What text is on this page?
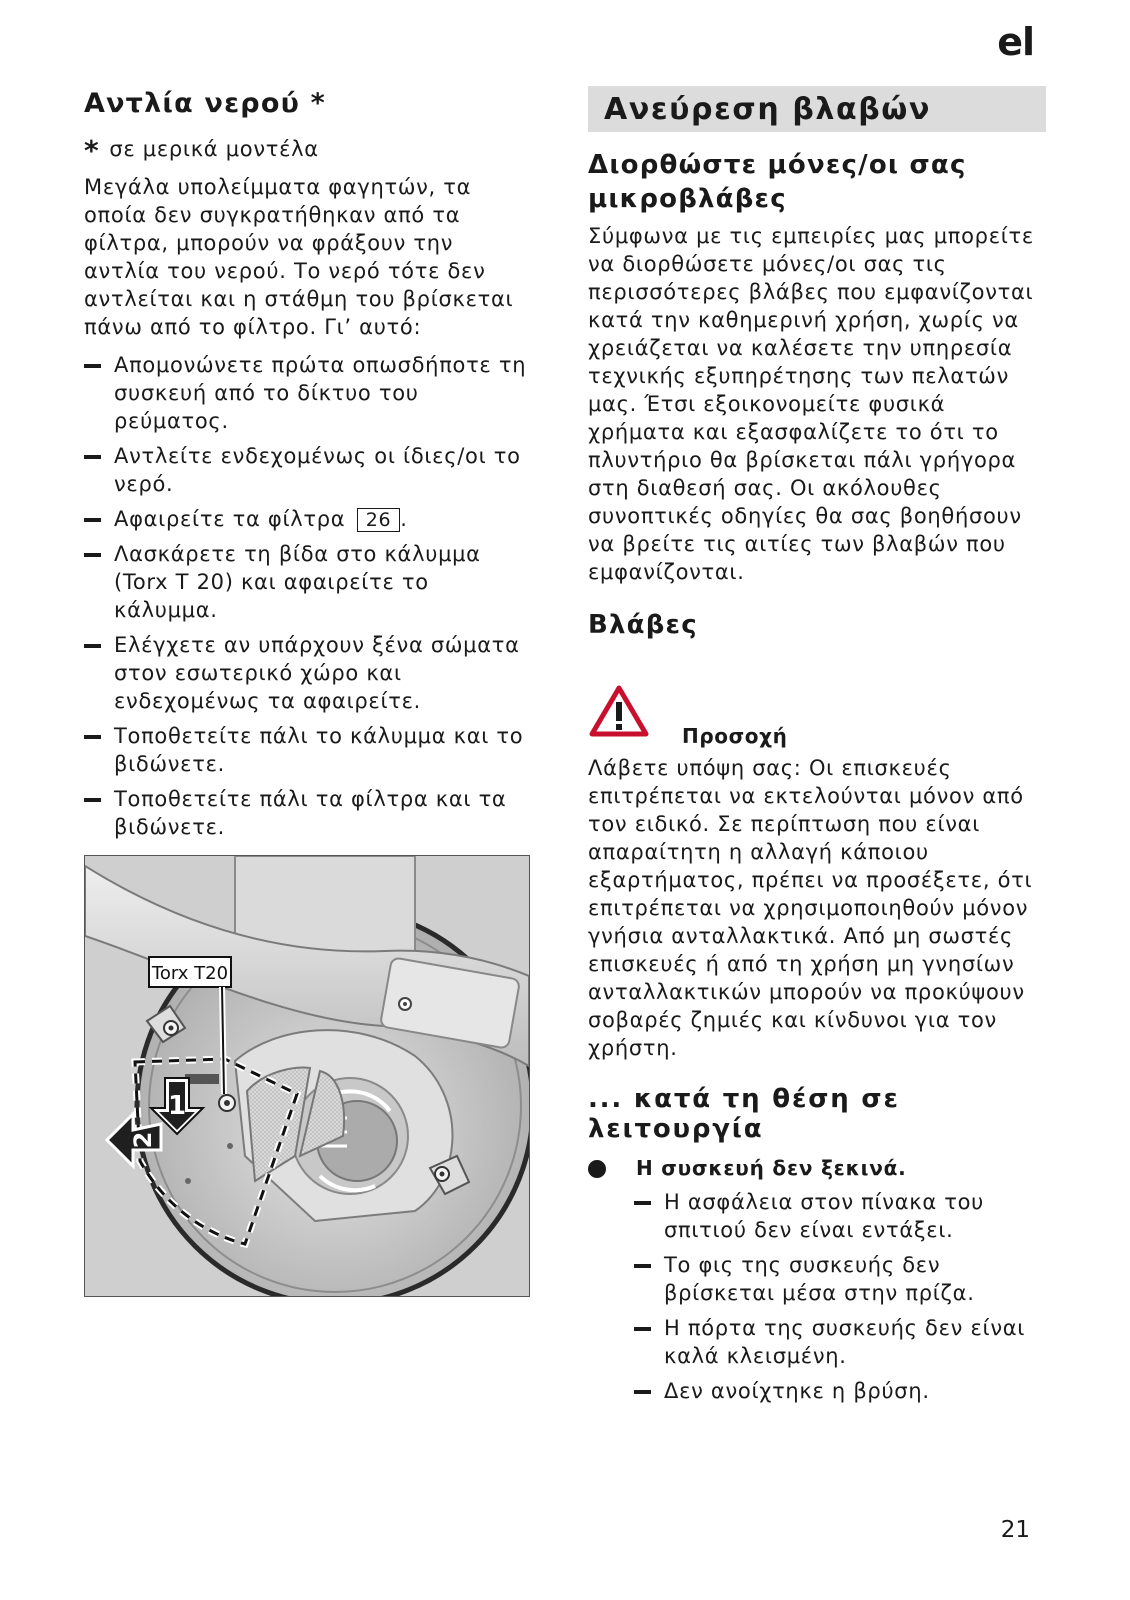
el
Αντλία νερού *

* σε μερικά μοντέλα

Μεγάλα υπολείμματα φαγητών, τα οποία δεν συγκρατήθηκαν από τα φίλτρα, μπορούν να φράξουν την αντλία του νερού. Το νερό τότε δεν αντλείται και η στάθμη του βρίσκεται πάνω από το φίλτρο. Γι’ αυτό:

Απομονώνετε πρώτα οπωσδήποτε τη συσκευή από το δίκτυο του ρεύματος.
Αντλείτε ενδεχομένως οι ίδιες/οι το νερό.
Αφαιρείτε τα φίλτρα 26 .
Λασκάρετε τη βίδα στο κάλυμμα (Torx T 20) και αφαιρείτε το κάλυμμα.
Ελέγχετε αν υπάρχουν ξένα σώματα στον εσωτερικό χώρο και ενδεχομένως τα αφαιρείτε.
Τοποθετείτε πάλι το κάλυμμα και το βιδώνετε.
Τοποθετείτε πάλι τα φίλτρα και τα βιδώνετε.
Torx T20
1
2
Ανεύρεση βλαβών
Διορθώστε μόνες/οι σας μικροβλάβες

Σύμφωνα με τις εμπειρίες μας μπορείτε να διορθώσετε μόνες/οι σας τις περισσότερες βλάβες που εμφανίζονται κατά την καθημερινή χρήση, χωρίς να χρειάζεται να καλέσετε την υπηρεσία τεχνικής εξυπηρέτησης των πελατών μας. Έτσι εξοικονομείτε φυσικά χρήματα και εξασφαλίζετε το ότι το πλυντήριο θα βρίσκεται πάλι γρήγορα στη διαθεσή σας. Οι ακόλουθες συνοπτικές οδηγίες θα σας βοηθήσουν να βρείτε τις αιτίες των βλαβών που εμφανίζονται.

Βλάβες
Προσοχή

Λάβετε υπόψη σας: Οι επισκευές επιτρέπεται να εκτελούνται μόνον από τον ειδικό. Σε περίπτωση που είναι απαραίτητη η αλλαγή κάποιου εξαρτήματος, πρέπει να προσέξετε, ότι επιτρέπεται να χρησιμοποιηθούν μόνον γνήσια ανταλλακτικά. Από μη σωστές επισκευές ή από τη χρήση μη γνησίων ανταλλακτικών μπορούν να προκύψουν σοβαρές ζημιές και κίνδυνοι για τον χρήστη.

... κατά τη θέση σε λειτουργία
Η συσκευή δεν ξεκινά.
Η ασφάλεια στον πίνακα του σπιτιού δεν είναι εντάξει.
Το φις της συσκευής δεν βρίσκεται μέσα στην πρίζα.
Η πόρτα της συσκευής δεν είναι καλά κλεισμένη.
Δεν ανοίχτηκε η βρύση.
21
